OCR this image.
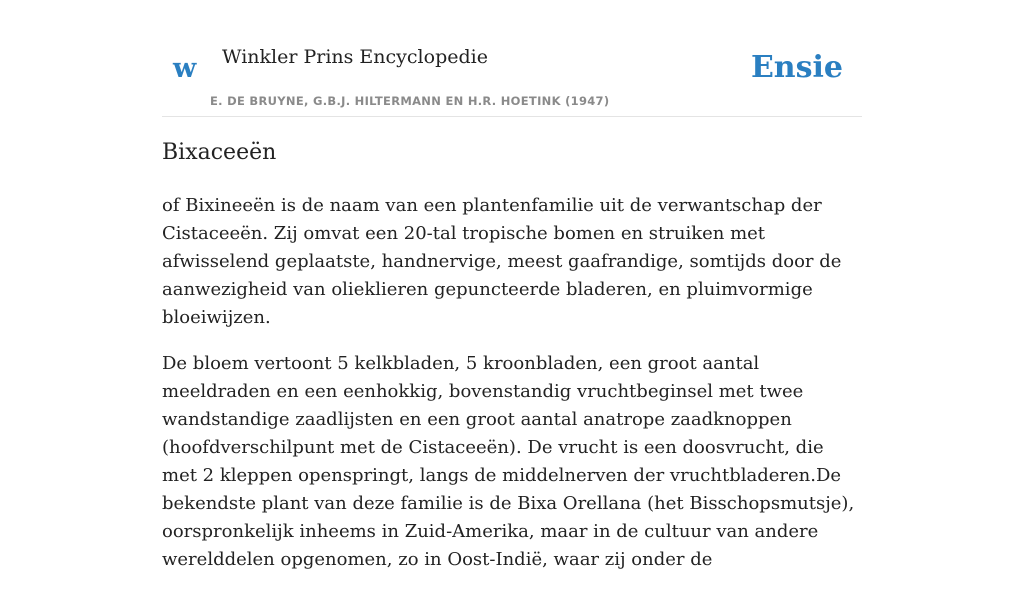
w Winkler Prins Encyclopedie
E. DE BRUYNE, G.B.J. HILTERMANN EN H.R. HOETINK (1947)
Ensie
Bixaceeën

of Bixineeën is de naam van een plantenfamilie uit de verwantschap der Cistaceeën. Zij omvat een 20-tal tropische bomen en struiken met afwisselend geplaatste, handnervige, meest gaafrandige, somtijds door de aanwezigheid van olieklieren gepuncteerde bladeren, en pluimvormige bloeiwijzen.

De bloem vertoont 5 kelkbladen, 5 kroonbladen, een groot aantal meeldraden en een eenhokkig, bovenstandig vruchtbeginsel met twee wandstandige zaadlijsten en een groot aantal anatrope zaadknoppen (hoofdverschilpunt met de Cistaceeën). De vrucht is een doosvrucht, die met 2 kleppen openspringt, langs de middelnerven der vruchtbladeren.De bekendste plant van deze familie is de Bixa Orellana (het Bisschopsmutsje), oorspronkelijk inheems in Zuid-Amerika, maar in de cultuur van andere werelddelen opgenomen, zo in Oost-Indië, waar zij onder de
